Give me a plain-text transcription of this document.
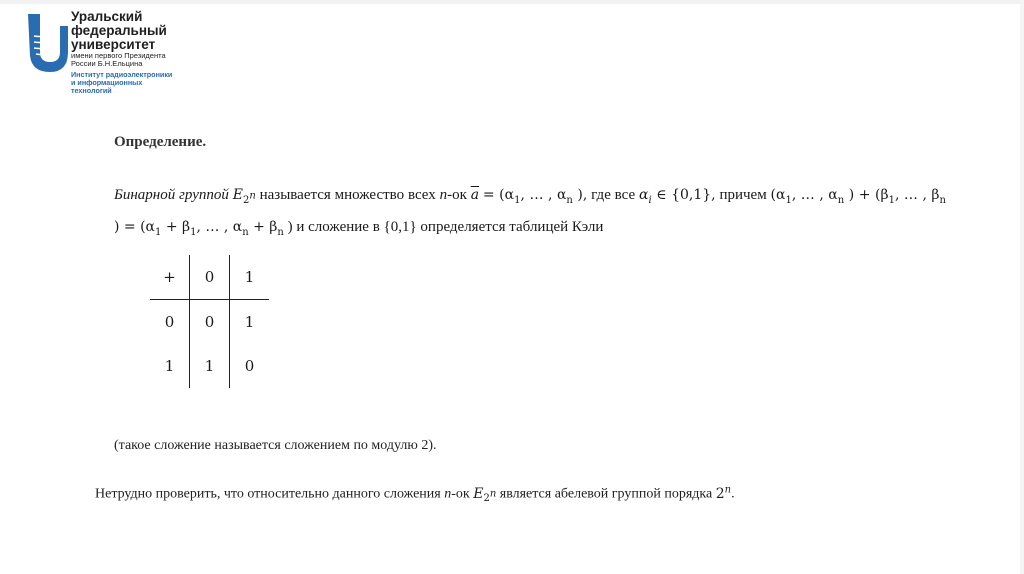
Уральский
федеральный
университет
имени первого Президента
России Б.Н.Ельцина
Институт радиоэлектроники
и информационных
технологий
Определение.
Бинарной группой $E_{2^n}$ называется множество всех n-ок $\overline{a} = (\alpha_1$, … , $\alpha_n$ ), где все $\alpha_i$ ∈ {0,1}, причем ($\alpha_1$, … , $\alpha_n$ ) + ($\beta_1$, … , $\beta_n$ ) = ($\alpha_1 + \beta_1$, … , $\alpha_n + \beta_n$ ) и сложение в {0,1} определяется таблицей Кэли
+	0	1
0	0	1
1	1	0
(такое сложение называется сложением по модулю 2).
Нетрудно проверить, что относительно данного сложения n-ок $E_{2^n}$ является абелевой группой порядка 2$^n$.
